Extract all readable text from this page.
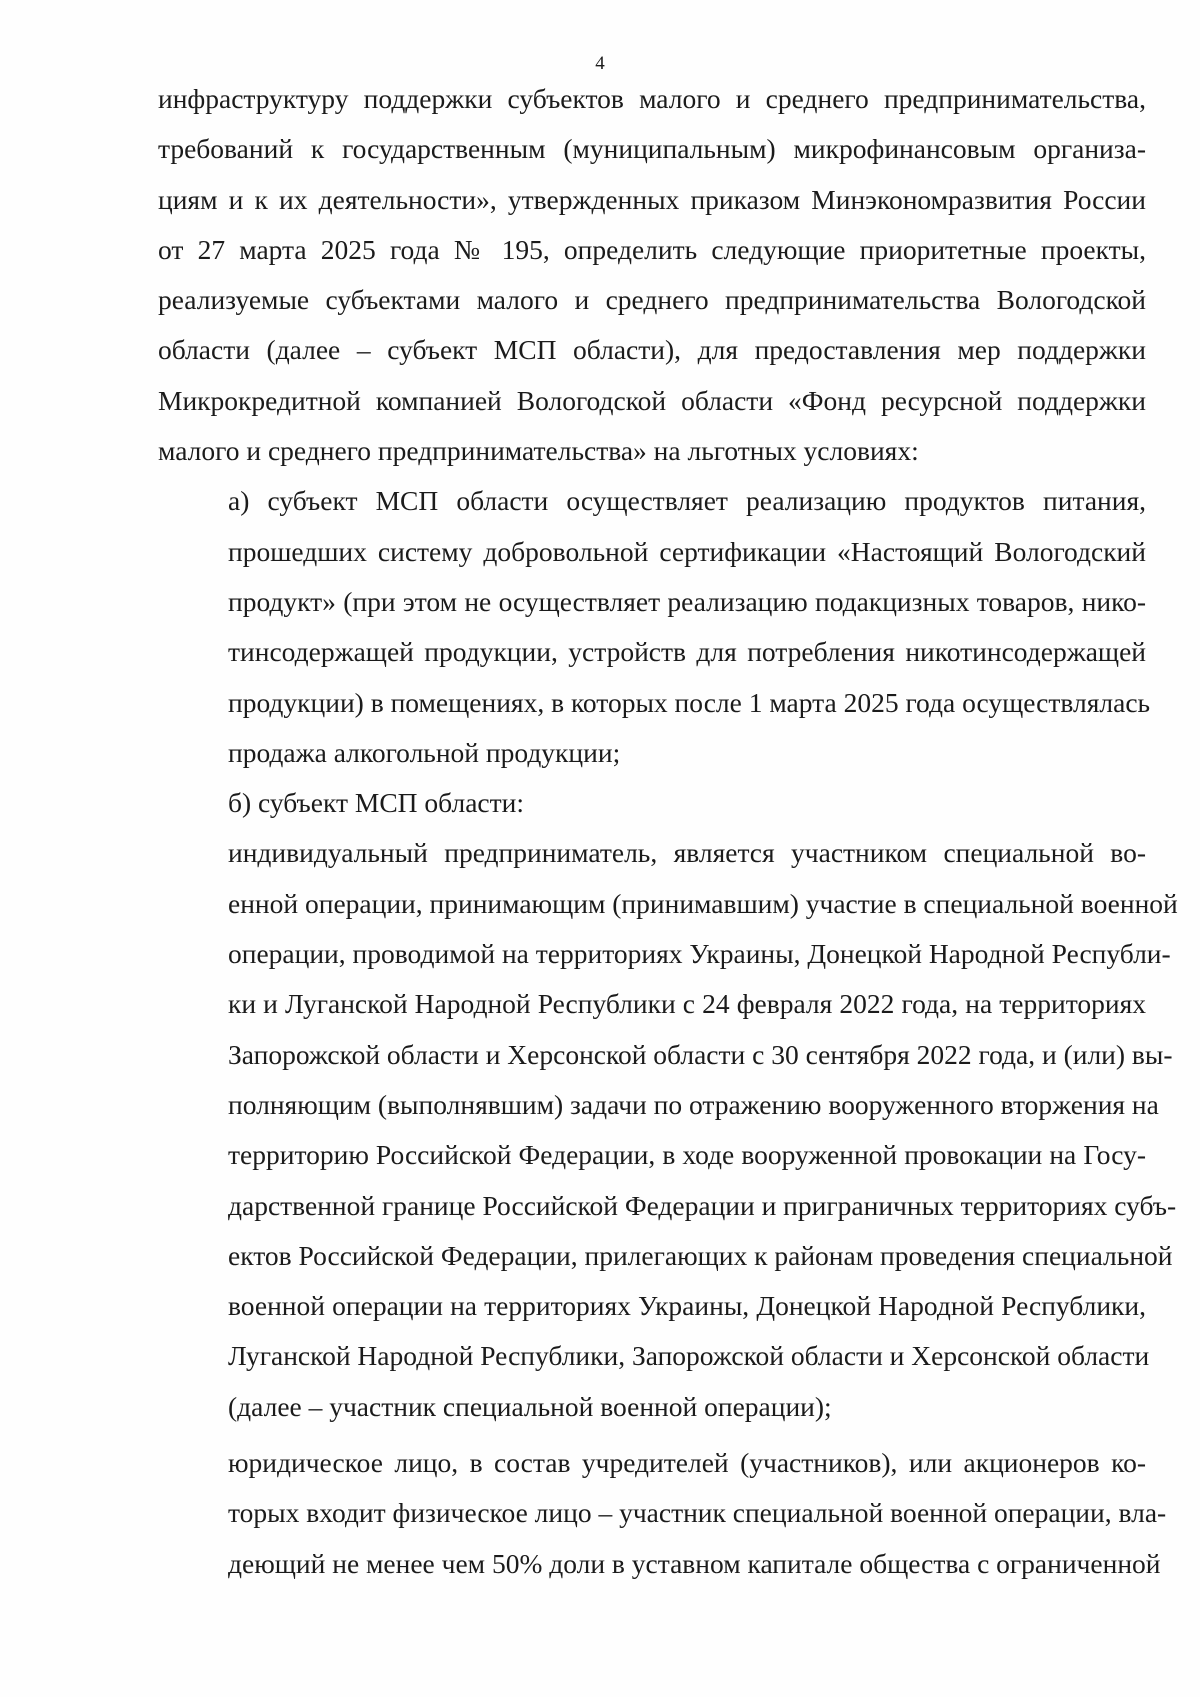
4

инфраструктуру поддержки субъектов малого и среднего предпринимательства,
требований к государственным (муниципальным) микрофинансовым организа-
циям и к их деятельности», утвержденных приказом Минэкономразвития России
от 27 марта 2025 года № 195, определить следующие приоритетные проекты,
реализуемые субъектами малого и среднего предпринимательства Вологодской
области (далее – субъект МСП области), для предоставления мер поддержки
Микрокредитной компанией Вологодской области «Фонд ресурсной поддержки
малого и среднего предпринимательства» на льготных условиях:

а) субъект МСП области осуществляет реализацию продуктов питания,
прошедших систему добровольной сертификации «Настоящий Вологодский
продукт» (при этом не осуществляет реализацию подакцизных товаров, нико-
тинсодержащей продукции, устройств для потребления никотинсодержащей
продукции) в помещениях, в которых после 1 марта 2025 года осуществлялась
продажа алкогольной продукции;

б) субъект МСП области:

индивидуальный предприниматель, является участником специальной во-
енной операции, принимающим (принимавшим) участие в специальной военной
операции, проводимой на территориях Украины, Донецкой Народной Республи-
ки и Луганской Народной Республики с 24 февраля 2022 года, на территориях
Запорожской области и Херсонской области с 30 сентября 2022 года, и (или) вы-
полняющим (выполнявшим) задачи по отражению вооруженного вторжения на
территорию Российской Федерации, в ходе вооруженной провокации на Госу-
дарственной границе Российской Федерации и приграничных территориях субъ-
ектов Российской Федерации, прилегающих к районам проведения специальной
военной операции на территориях Украины, Донецкой Народной Республики,
Луганской Народной Республики, Запорожской области и Херсонской области
(далее – участник специальной военной операции);

юридическое лицо, в состав учредителей (участников), или акционеров ко-
торых входит физическое лицо – участник специальной военной операции, вла-
деющий не менее чем 50% доли в уставном капитале общества с ограниченной
